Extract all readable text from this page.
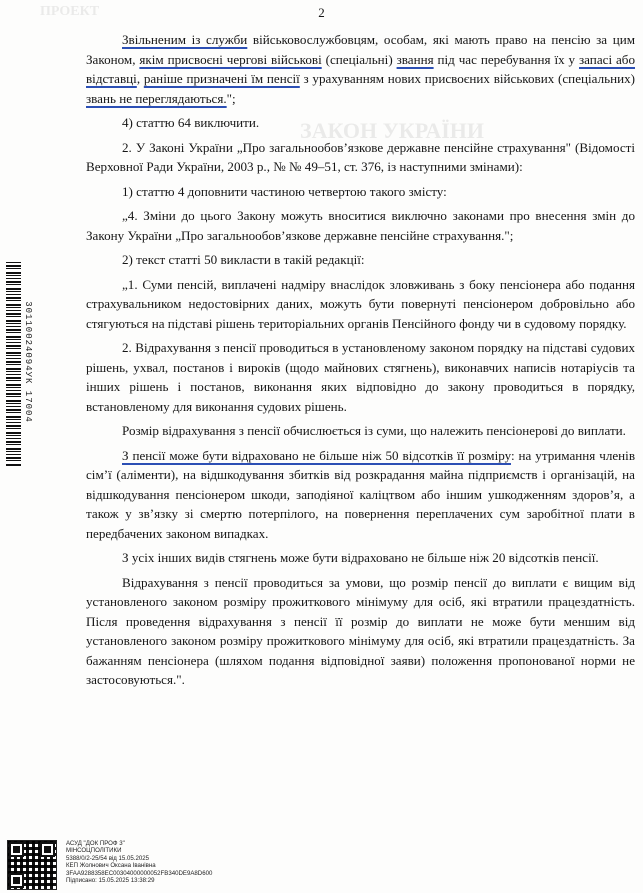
ЗАКОН УКРАЇНИ
ПРОЕКТ	2

Звільненим із служби військовослужбовцям, особам, які мають право на пенсію за цим Законом, якім присвоєні чергові військові (спеціальні) звання під час перебування їх у запасі або відставці, раніше призначені їм пенсії з урахуванням нових присвоєних військових (спеціальних) звань не переглядаються.";

4) статтю 64 виключити.

2. У Законі України „Про загальнообов’язкове державне пенсійне страхування" (Відомості Верховної Ради України, 2003 р., № № 49–51, ст. 376, із наступними змінами):

1) статтю 4 доповнити частиною четвертою такого змісту:

„4. Зміни до цього Закону можуть вноситися виключно законами про внесення змін до Закону України „Про загальнообов’язкове державне пенсійне страхування.";

2) текст статті 50 викласти в такій редакції:

„1. Суми пенсій, виплачені надміру внаслідок зловживань з боку пенсіонера або подання страхувальником недостовірних даних, можуть бути повернуті пенсіонером добровільно або стягуються на підставі рішень територіальних органів Пенсійного фонду чи в судовому порядку.

2. Відрахування з пенсії проводиться в установленому законом порядку на підставі судових рішень, ухвал, постанов і вироків (щодо майнових стягнень), виконавчих написів нотаріусів та інших рішень і постанов, виконання яких відповідно до закону проводиться в порядку, встановленому для виконання судових рішень.

Розмір відрахування з пенсії обчислюється із суми, що належить пенсіонерові до виплати.

З пенсії може бути відраховано не більше ніж 50 відсотків її розміру: на утримання членів сім’ї (аліменти), на відшкодування збитків від розкрадання майна підприємств і організацій, на відшкодування пенсіонером шкоди, заподіяної каліцтвом або іншим ушкодженням здоров’я, а також у зв’язку зі смертю потерпілого, на повернення переплачених сум заробітної плати в передбачених законом випадках.

З усіх інших видів стягнень може бути відраховано не більше ніж 20 відсотків пенсії.

Відрахування з пенсії проводиться за умови, що розмір пенсії до виплати є вищим від установленого законом розміру прожиткового мінімуму для осіб, які втратили працездатність. Після проведення відрахування з пенсії її розмір до виплати не може бути меншим від установленого законом розміру прожиткового мінімуму для осіб, які втратили працездатність. За бажанням пенсіонера (шляхом подання відповідної заяви) положення пропонованої норми не застосовуються.".

30110024094УК 17004
АСУД "ДОК ПРОФ 3"
МІНСОЦПОЛІТИКИ
5388/0/2-25/54 від 15.05.2025
КЕП Жолнович Оксана Іванівна
3FAA9288358EC00304000000052FB340DE9A8D600
Підписано: 15.05.2025 13:38:29
